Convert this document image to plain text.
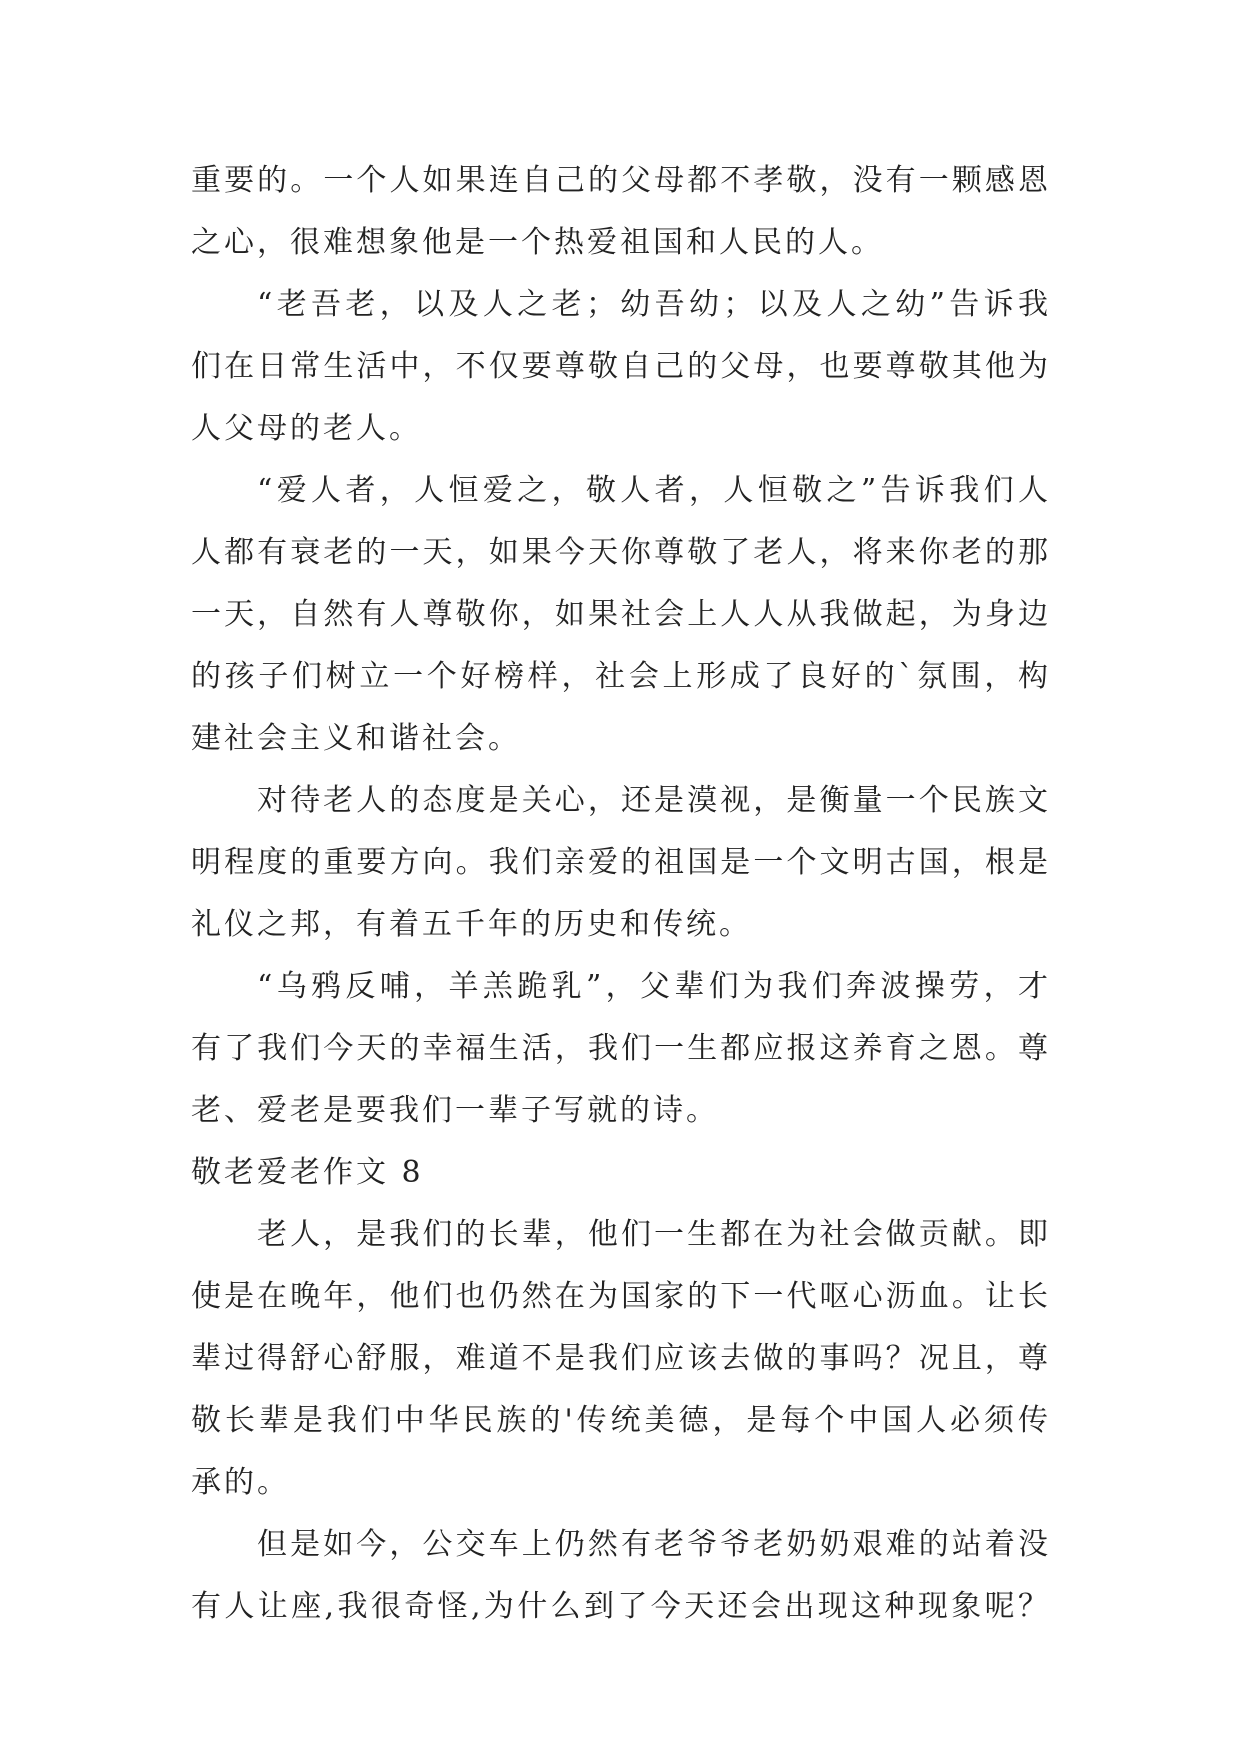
重要的。一个人如果连自己的父母都不孝敬，没有一颗感恩
之心，很难想象他是一个热爱祖国和人民的人。
“老吾老，以及人之老；幼吾幼；以及人之幼”告诉我
们在日常生活中，不仅要尊敬自己的父母，也要尊敬其他为
人父母的老人。
“爱人者，人恒爱之，敬人者，人恒敬之”告诉我们人
人都有衰老的一天，如果今天你尊敬了老人，将来你老的那
一天，自然有人尊敬你，如果社会上人人从我做起，为身边
的孩子们树立一个好榜样，社会上形成了良好的`氛围，构
建社会主义和谐社会。
对待老人的态度是关心，还是漠视，是衡量一个民族文
明程度的重要方向。我们亲爱的祖国是一个文明古国，根是
礼仪之邦，有着五千年的历史和传统。
“乌鸦反哺，羊羔跪乳”，父辈们为我们奔波操劳，才
有了我们今天的幸福生活，我们一生都应报这养育之恩。尊
老、爱老是要我们一辈子写就的诗。
敬老爱老作文 8
老人，是我们的长辈，他们一生都在为社会做贡献。即
使是在晚年，他们也仍然在为国家的下一代呕心沥血。让长
辈过得舒心舒服，难道不是我们应该去做的事吗？况且，尊
敬长辈是我们中华民族的'传统美德，是每个中国人必须传
承的。
但是如今，公交车上仍然有老爷爷老奶奶艰难的站着没
有人让座,我很奇怪,为什么到了今天还会出现这种现象呢？
